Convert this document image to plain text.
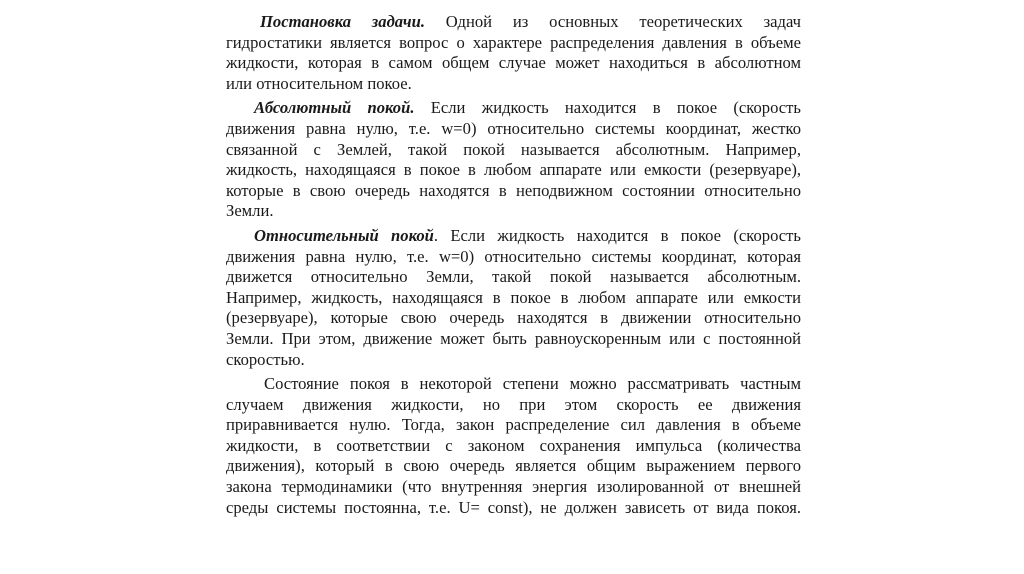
Постановка задачи. Одной из основных теоретических задач
гидростатики является вопрос о характере распределения давления в объеме
жидкости, которая в самом общем случае может находиться в абсолютном
или относительном покое.
Абсолютный покой. Если жидкость находится в покое (скорость
движения равна нулю, т.е. w=0) относительно системы координат, жестко
связанной с Землей, такой покой называется абсолютным. Например,
жидкость, находящаяся в покое в любом аппарате или емкости (резервуаре),
которые в свою очередь находятся в неподвижном состоянии относительно
Земли.
Относительный покой. Если жидкость находится в покое (скорость
движения равна нулю, т.е. w=0) относительно системы координат, которая
движется относительно Земли, такой покой называется абсолютным.
Например, жидкость, находящаяся в покое в любом аппарате или емкости
(резервуаре), которые свою очередь находятся в движении относительно
Земли. При этом, движение может быть равноускоренным или с постоянной
скоростью.
Состояние покоя в некоторой степени можно рассматривать частным
случаем движения жидкости, но при этом скорость ее движения
приравнивается нулю. Тогда, закон распределение сил давления в объеме
жидкости, в соответствии с законом сохранения импульса (количества
движения), который в свою очередь является общим выражением первого
закона термодинамики (что внутренняя энергия изолированной от внешней
среды системы постоянна, т.е. U= const), не должен зависеть от вида покоя.
